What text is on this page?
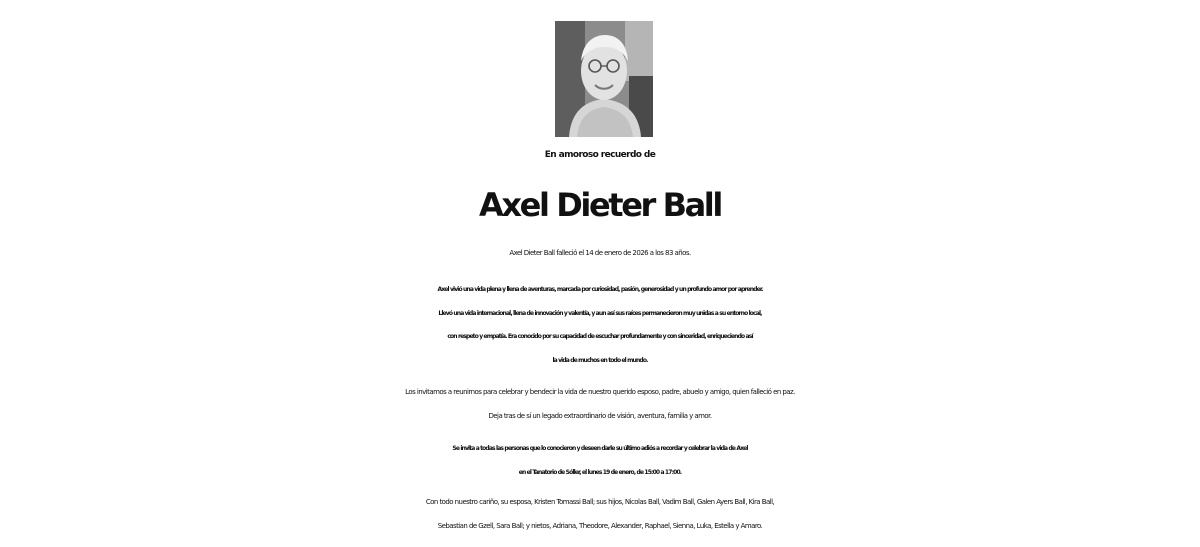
En amoroso recuerdo de
Axel Dieter Ball
Axel Dieter Ball falleció el 14 de enero de 2026 a los 83 años.
Axel vivió una vida plena y llena de aventuras, marcada por curiosidad, pasión, generosidad y un profundo amor por aprender.
Llevó una vida internacional, llena de innovación y valentía, y aun así sus raíces permanecieron muy unidas a su entorno local,
con respeto y empatía. Era conocido por su capacidad de escuchar profundamente y con sinceridad, enriqueciendo así
la vida de muchos en todo el mundo.
Los invitamos a reunirnos para celebrar y bendecir la vida de nuestro querido esposo, padre, abuelo y amigo, quien falleció en paz.
Deja tras de sí un legado extraordinario de visión, aventura, familia y amor.
Se invita a todas las personas que lo conocieron y deseen darle su último adiós a recordar y celebrar la vida de Axel
en el Tanatorio de Sóller, el lunes 19 de enero, de 15:00 a 17:00.
Con todo nuestro cariño, su esposa, Kristen Tomassi Ball; sus hijos, Nicolas Ball, Vadim Ball, Galen Ayers Ball, Kira Ball,
Sebastian de Gzell, Sara Ball; y nietos, Adriana, Theodore, Alexander, Raphael, Sienna, Luka, Estella y Amaro.
